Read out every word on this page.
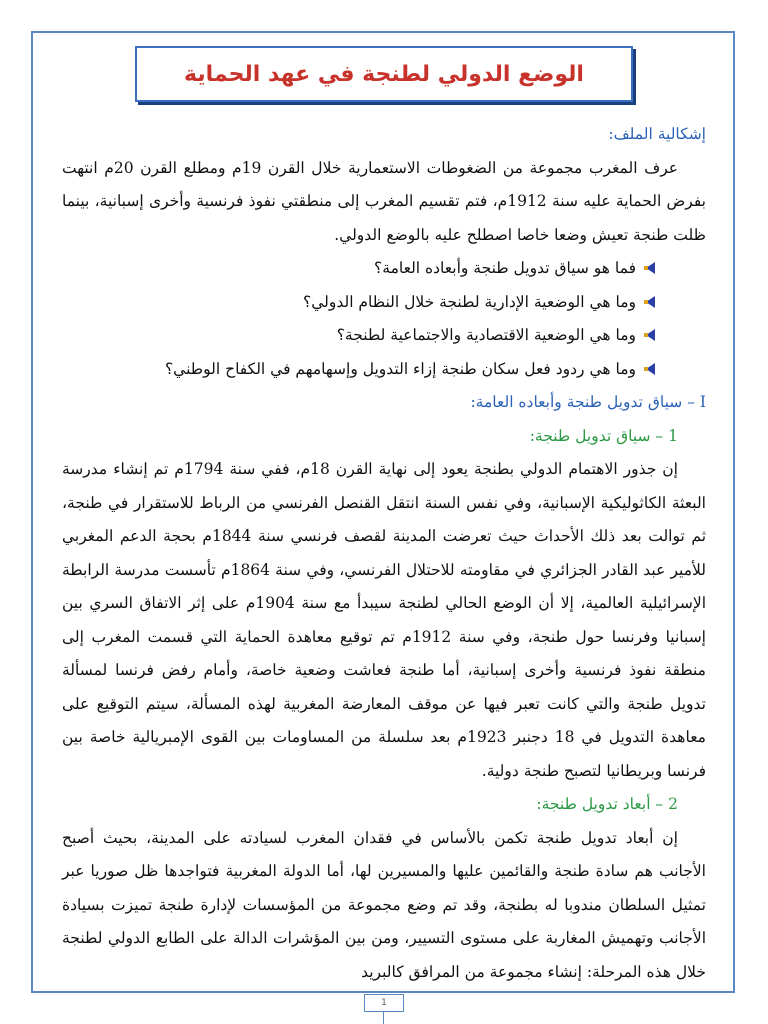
الوضع الدولي لطنجة في عهد الحماية

إشكالية الملف:

عرف المغرب مجموعة من الضغوطات الاستعمارية خلال القرن 19م ومطلع القرن 20م انتهت بفرض الحماية عليه سنة 1912م، فتم تقسيم المغرب إلى منطقتي نفوذ فرنسية وأخرى إسبانية، بينما ظلت طنجة تعيش وضعا خاصا اصطلح عليه بالوضع الدولي.

فما هو سياق تدويل طنجة وأبعاده العامة؟
وما هي الوضعية الإدارية لطنجة خلال النظام الدولي؟
وما هي الوضعية الاقتصادية والاجتماعية لطنجة؟
وما هي ردود فعل سكان طنجة إزاء التدويل وإسهامهم في الكفاح الوطني؟

I – سياق تدويل طنجة وأبعاده العامة:

1 – سياق تدويل طنجة:

إن جذور الاهتمام الدولي بطنجة يعود إلى نهاية القرن 18م، ففي سنة 1794م تم إنشاء مدرسة البعثة الكاثوليكية الإسبانية، وفي نفس السنة انتقل القنصل الفرنسي من الرباط للاستقرار في طنجة، ثم توالت بعد ذلك الأحداث حيث تعرضت المدينة لقصف فرنسي سنة 1844م بحجة الدعم المغربي للأمير عبد القادر الجزائري في مقاومته للاحتلال الفرنسي، وفي سنة 1864م تأسست مدرسة الرابطة الإسرائيلية العالمية، إلا أن الوضع الحالي لطنجة سيبدأ مع سنة 1904م على إثر الاتفاق السري بين إسبانيا وفرنسا حول طنجة، وفي سنة 1912م تم توقيع معاهدة الحماية التي قسمت المغرب إلى منطقة نفوذ فرنسية وأخرى إسبانية، أما طنجة فعاشت وضعية خاصة، وأمام رفض فرنسا لمسألة تدويل طنجة والتي كانت تعبر فيها عن موقف المعارضة المغربية لهذه المسألة، سيتم التوقيع على معاهدة التدويل في 18 دجنبر 1923م بعد سلسلة من المساومات بين القوى الإمبريالية خاصة بين فرنسا وبريطانيا لتصبح طنجة دولية.

2 – أبعاد تدويل طنجة:

إن أبعاد تدويل طنجة تكمن بالأساس في فقدان المغرب لسيادته على المدينة، بحيث أصبح الأجانب هم سادة طنجة والقائمين عليها والمسيرين لها، أما الدولة المغربية فتواجدها ظل صوريا عبر تمثيل السلطان مندوبا له بطنجة، وقد تم وضع مجموعة من المؤسسات لإدارة طنجة تميزت بسيادة الأجانب وتهميش المغاربة على مستوى التسيير، ومن بين المؤشرات الدالة على الطابع الدولي لطنجة خلال هذه المرحلة: إنشاء مجموعة من المرافق كالبريد

1
